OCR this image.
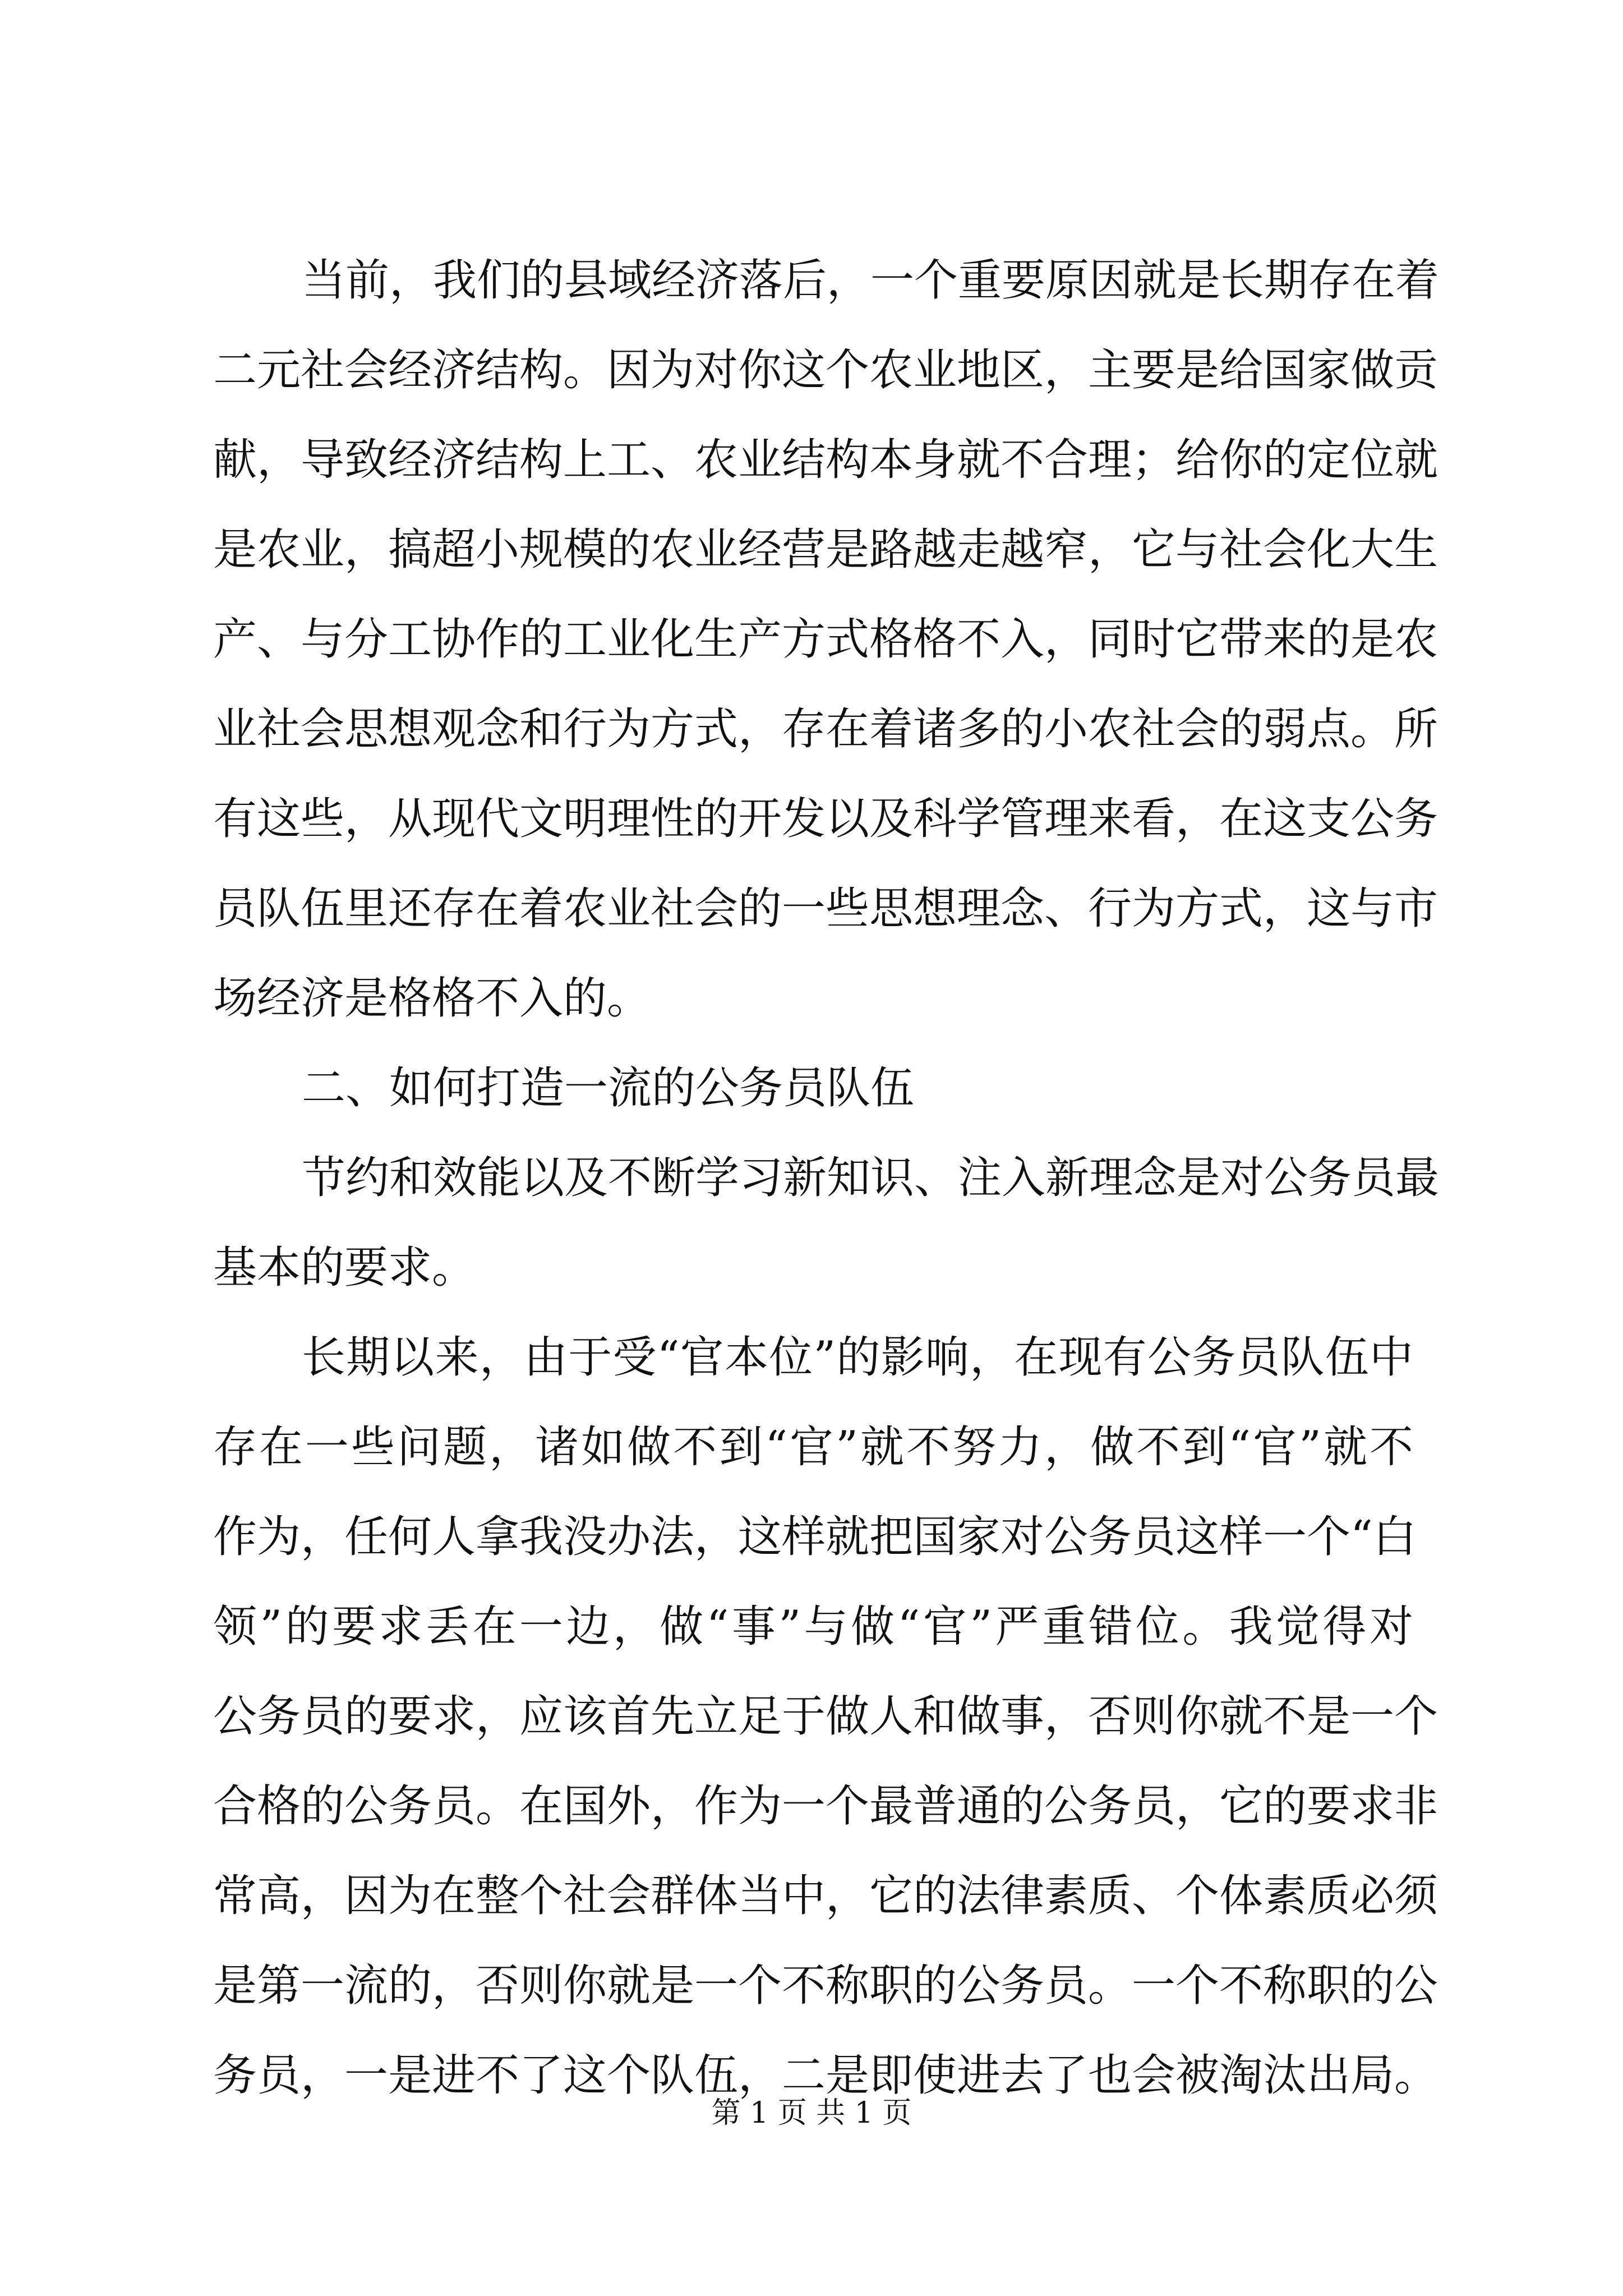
当前，我们的县域经济落后，一个重要原因就是长期存在着
二元社会经济结构。因为对你这个农业地区，主要是给国家做贡
献，导致经济结构上工、农业结构本身就不合理；给你的定位就
是农业，搞超小规模的农业经营是路越走越窄，它与社会化大生
产、与分工协作的工业化生产方式格格不入，同时它带来的是农
业社会思想观念和行为方式，存在着诸多的小农社会的弱点。所
有这些，从现代文明理性的开发以及科学管理来看，在这支公务
员队伍里还存在着农业社会的一些思想理念、行为方式，这与市
场经济是格格不入的。
二、如何打造一流的公务员队伍
节约和效能以及不断学习新知识、注入新理念是对公务员最
基本的要求。
长期以来，由于受“官本位”的影响，在现有公务员队伍中
存在一些问题，诸如做不到“官”就不努力，做不到“官”就不
作为，任何人拿我没办法，这样就把国家对公务员这样一个“白
领”的要求丢在一边，做“事”与做“官”严重错位。我觉得对
公务员的要求，应该首先立足于做人和做事，否则你就不是一个
合格的公务员。在国外，作为一个最普通的公务员，它的要求非
常高，因为在整个社会群体当中，它的法律素质、个体素质必须
是第一流的，否则你就是一个不称职的公务员。一个不称职的公
务员，一是进不了这个队伍，二是即使进去了也会被淘汰出局。
第 1 页 共 1 页
